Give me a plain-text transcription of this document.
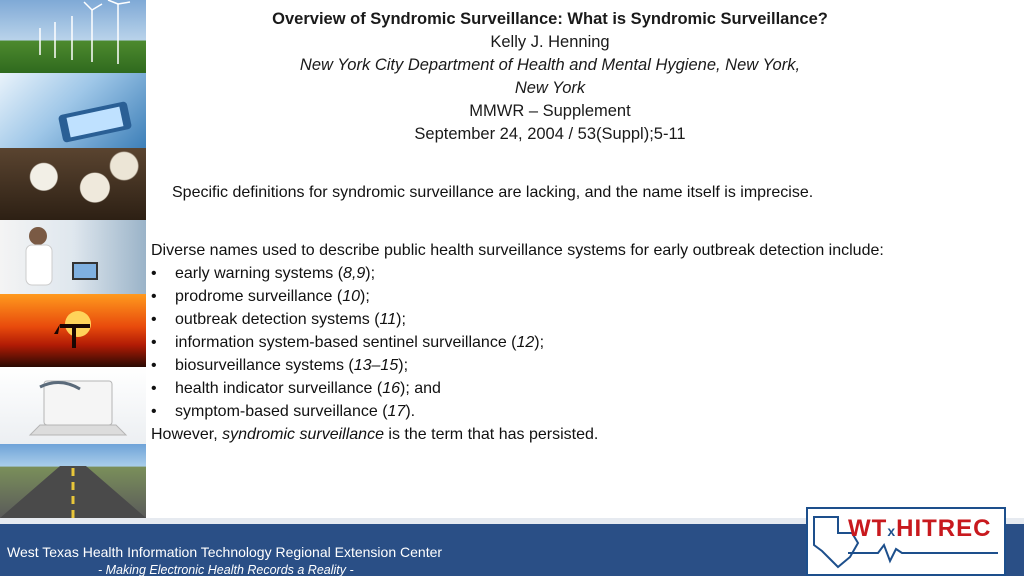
Overview of Syndromic Surveillance: What is Syndromic Surveillance?
Kelly J. Henning
New York City Department of Health and Mental Hygiene, New York,
New York
MMWR – Supplement
September 24, 2004 / 53(Suppl);5-11
Specific definitions for syndromic surveillance are lacking, and the name itself is imprecise.
Diverse names used to describe public health surveillance systems for early outbreak detection include:
•	early warning systems (8,9);
•	prodrome surveillance (10);
•	outbreak detection systems (11);
•	information system-based sentinel surveillance (12);
•	biosurveillance systems (13–15);
•	health indicator surveillance (16); and
•	symptom-based surveillance (17).
However, syndromic surveillance is the term that has persisted.
West Texas Health Information Technology Regional Extension Center
- Making Electronic Health Records a Reality -
WTxHITREC
